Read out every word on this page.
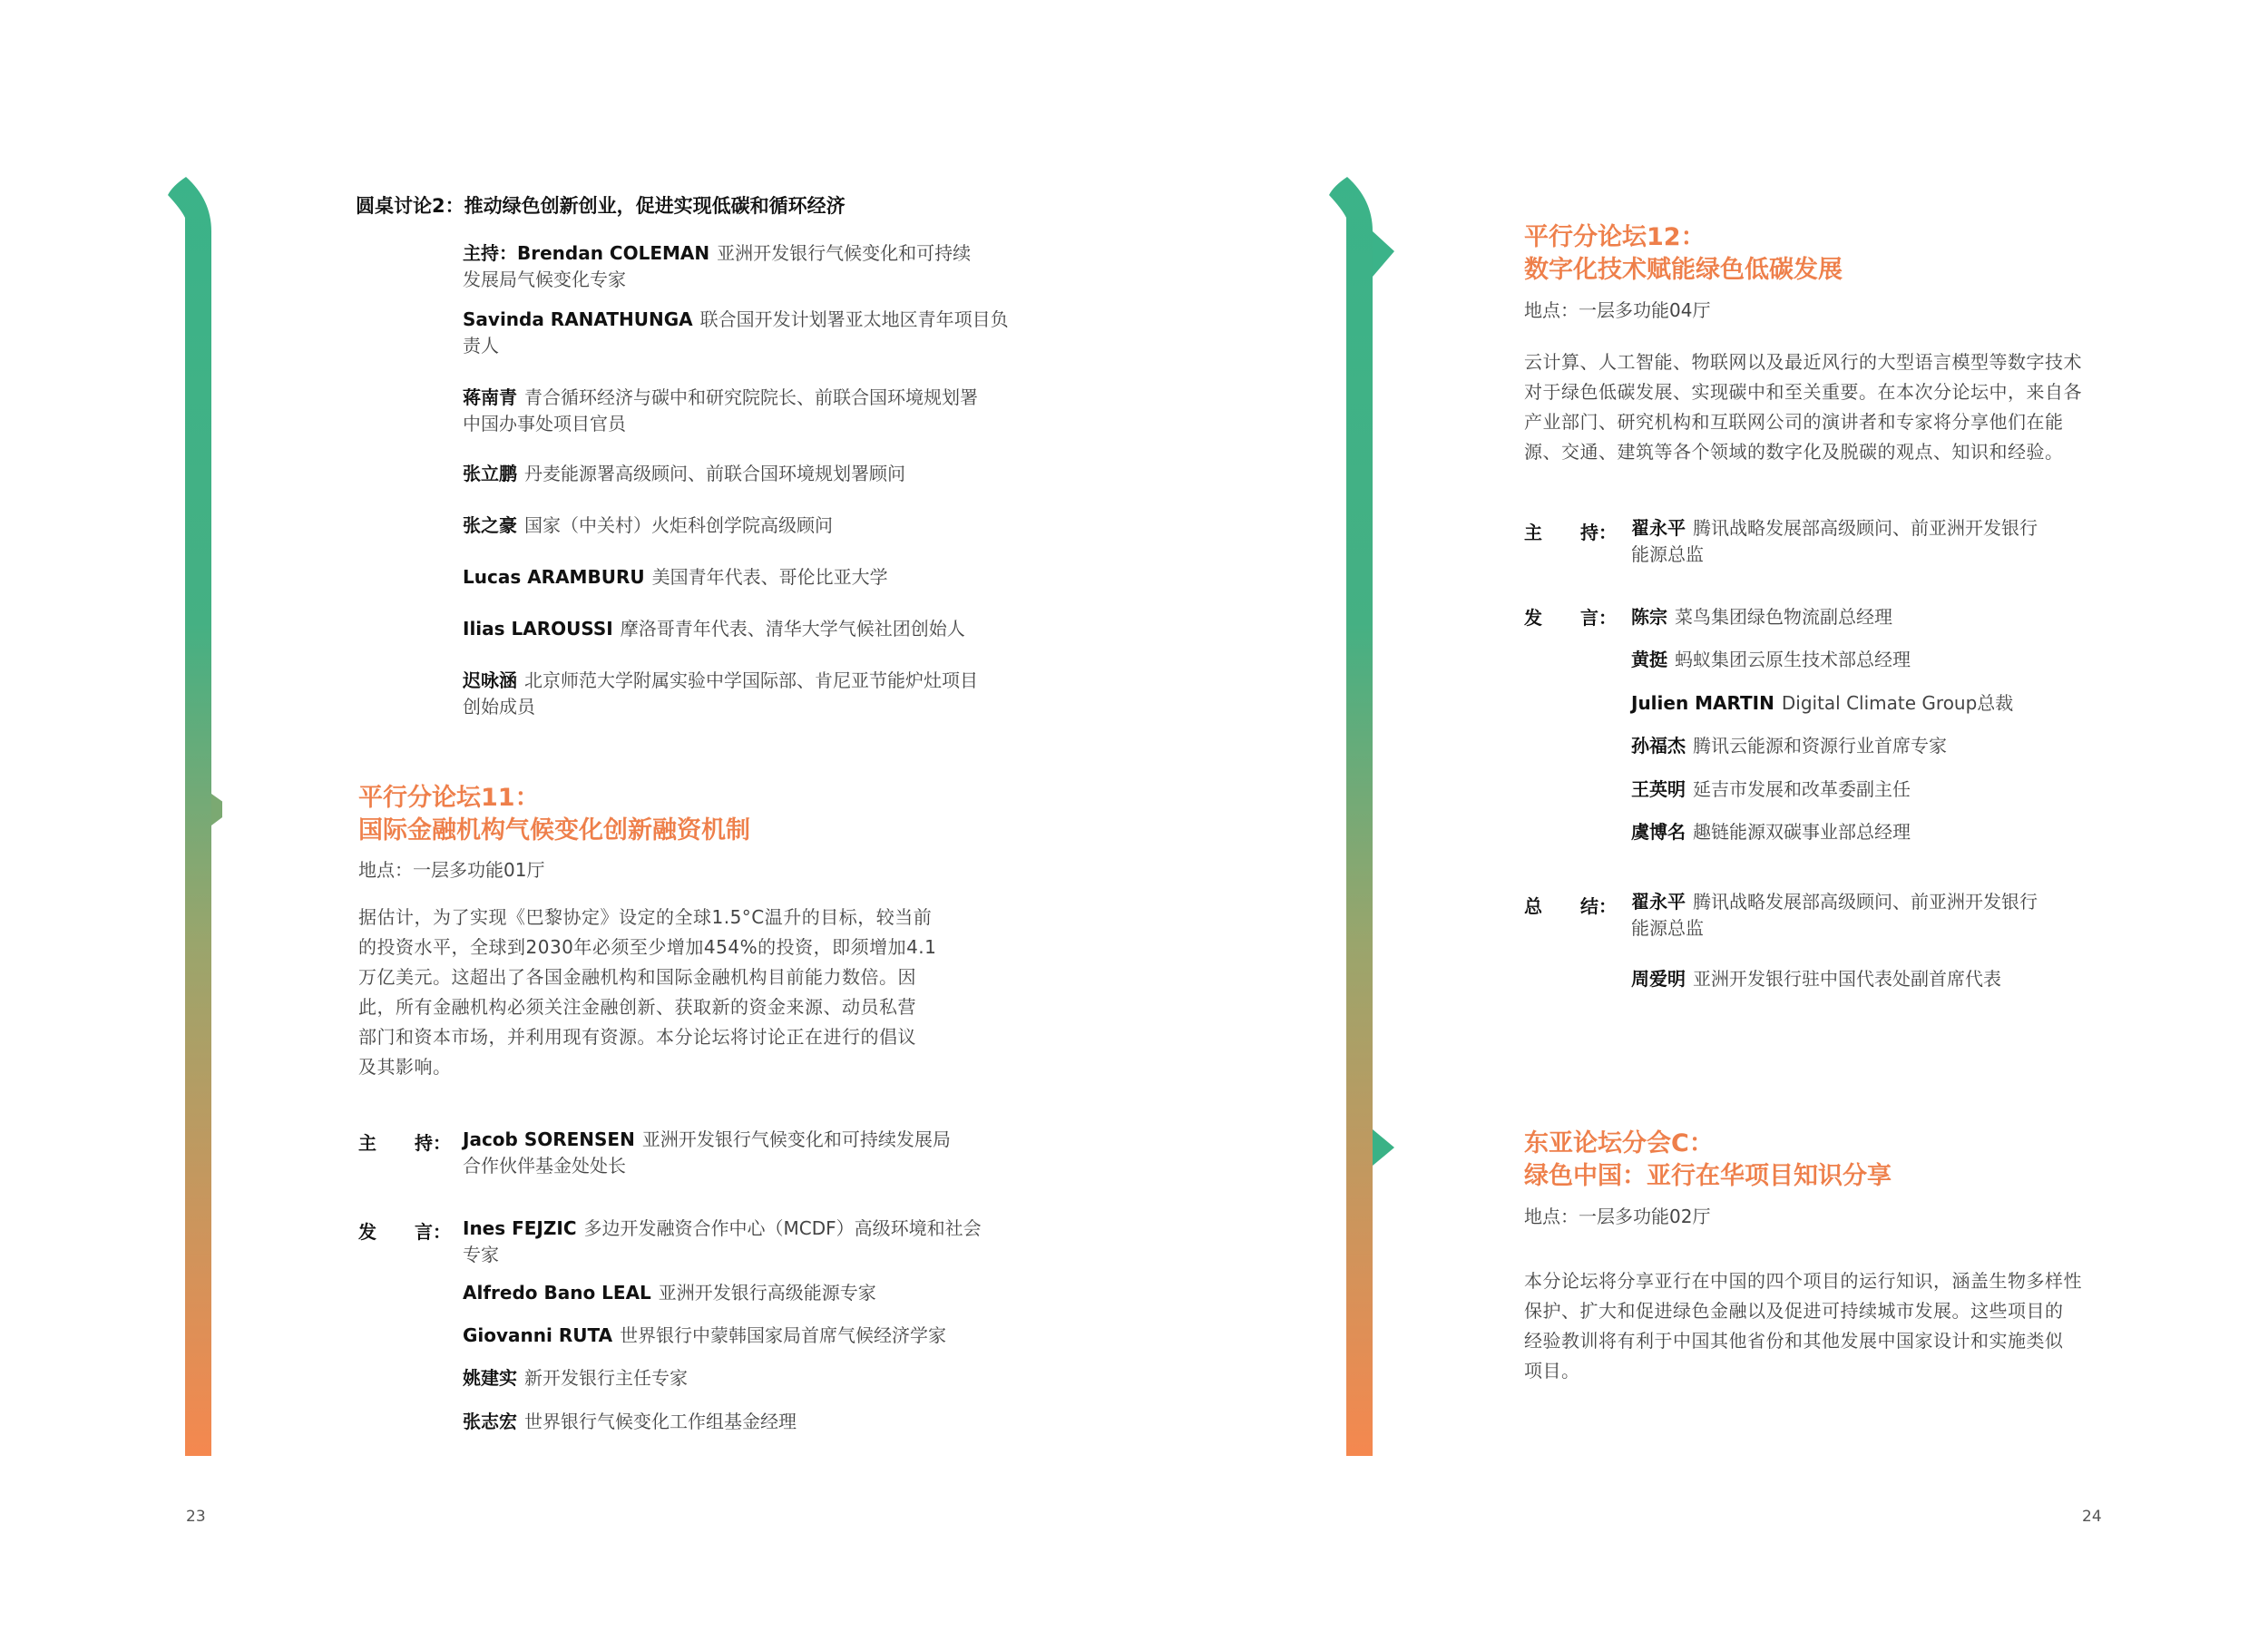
圆桌讨论2：推动绿色创新创业，促进实现低碳和循环经济
主持：Brendan COLEMAN 亚洲开发银行气候变化和可持续
发展局气候变化专家
Savinda RANATHUNGA 联合国开发计划署亚太地区青年项目负
责人
蒋南青 青合循环经济与碳中和研究院院长、前联合国环境规划署
中国办事处项目官员
张立鹏 丹麦能源署高级顾问、前联合国环境规划署顾问
张之豪 国家（中关村）火炬科创学院高级顾问
Lucas ARAMBURU 美国青年代表、哥伦比亚大学
Ilias LAROUSSI 摩洛哥青年代表、清华大学气候社团创始人
迟咏涵 北京师范大学附属实验中学国际部、肯尼亚节能炉灶项目
创始成员
平行分论坛11：
国际金融机构气候变化创新融资机制
地点：一层多功能01厅
据估计，为了实现《巴黎协定》设定的全球1.5°C温升的目标，较当前
的投资水平，全球到2030年必须至少增加454%的投资，即须增加4.1
万亿美元。这超出了各国金融机构和国际金融机构目前能力数倍。因
此，所有金融机构必须关注金融创新、获取新的资金来源、动员私营
部门和资本市场，并利用现有资源。本分论坛将讨论正在进行的倡议
及其影响。
主 持： Jacob SORENSEN 亚洲开发银行气候变化和可持续发展局
合作伙伴基金处处长
发 言： Ines FEJZIC 多边开发融资合作中心（MCDF）高级环境和社会
专家
Alfredo Bano LEAL 亚洲开发银行高级能源专家
Giovanni RUTA 世界银行中蒙韩国家局首席气候经济学家
姚建实 新开发银行主任专家
张志宏 世界银行气候变化工作组基金经理
23
平行分论坛12：
数字化技术赋能绿色低碳发展
地点：一层多功能04厅
云计算、人工智能、物联网以及最近风行的大型语言模型等数字技术
对于绿色低碳发展、实现碳中和至关重要。在本次分论坛中，来自各
产业部门、研究机构和互联网公司的演讲者和专家将分享他们在能
源、交通、建筑等各个领域的数字化及脱碳的观点、知识和经验。
主 持： 翟永平 腾讯战略发展部高级顾问、前亚洲开发银行
能源总监
发 言： 陈宗 菜鸟集团绿色物流副总经理
黄挺 蚂蚁集团云原生技术部总经理
Julien MARTIN Digital Climate Group总裁
孙福杰 腾讯云能源和资源行业首席专家
王英明 延吉市发展和改革委副主任
虞博名 趣链能源双碳事业部总经理
总 结： 翟永平 腾讯战略发展部高级顾问、前亚洲开发银行
能源总监
周爱明 亚洲开发银行驻中国代表处副首席代表
东亚论坛分会C：
绿色中国：亚行在华项目知识分享
地点：一层多功能02厅
本分论坛将分享亚行在中国的四个项目的运行知识，涵盖生物多样性
保护、扩大和促进绿色金融以及促进可持续城市发展。这些项目的
经验教训将有利于中国其他省份和其他发展中国家设计和实施类似
项目。
24
